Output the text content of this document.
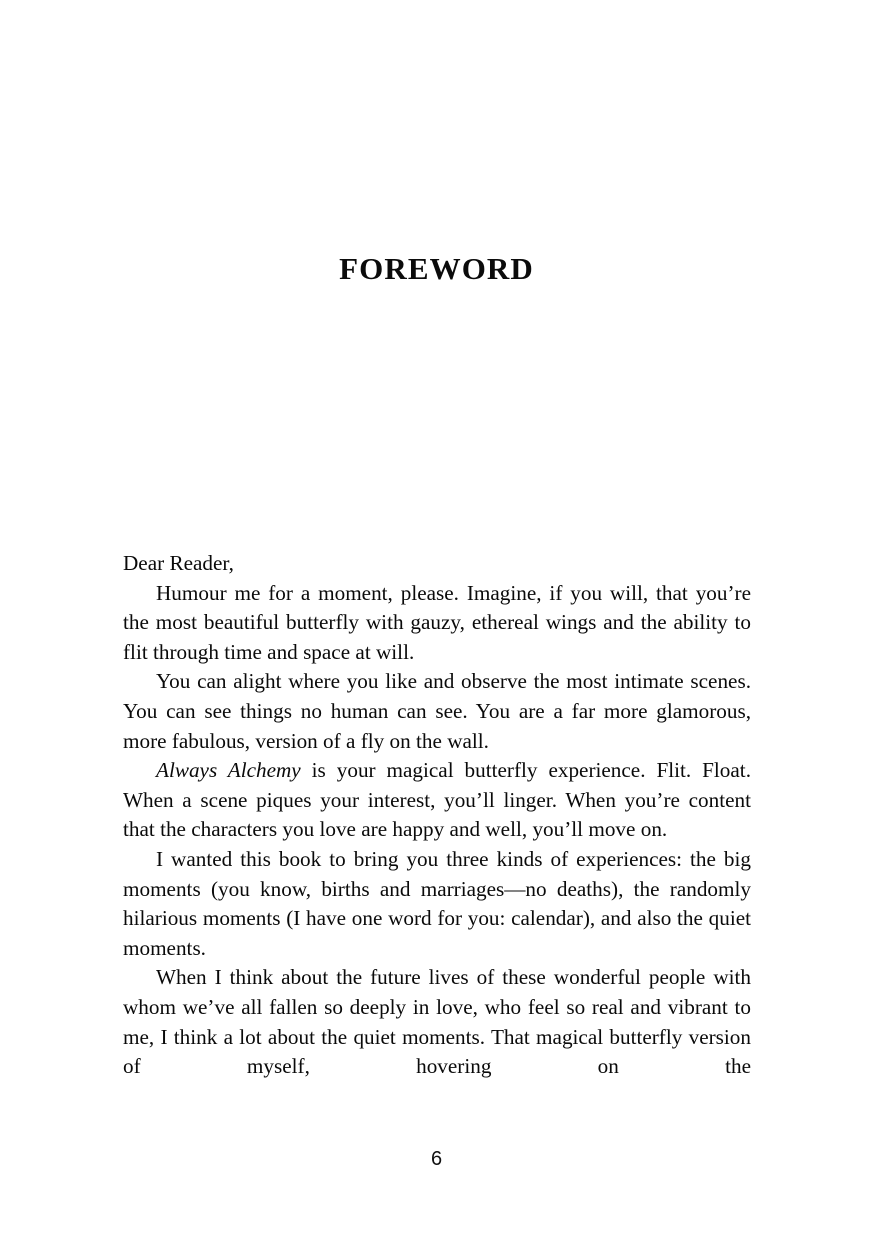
FOREWORD

Dear Reader,

Humour me for a moment, please. Imagine, if you will, that you’re the most beautiful butterfly with gauzy, ethereal wings and the ability to flit through time and space at will.

You can alight where you like and observe the most intimate scenes. You can see things no human can see. You are a far more glamorous, more fabulous, version of a fly on the wall.

Always Alchemy is your magical butterfly experience. Flit. Float. When a scene piques your interest, you’ll linger. When you’re content that the characters you love are happy and well, you’ll move on.

I wanted this book to bring you three kinds of experiences: the big moments (you know, births and marriages—no deaths), the randomly hilarious moments (I have one word for you: calendar), and also the quiet moments.

When I think about the future lives of these wonderful people with whom we’ve all fallen so deeply in love, who feel so real and vibrant to me, I think a lot about the quiet moments. That magical butterfly version of myself, hovering on the

6
